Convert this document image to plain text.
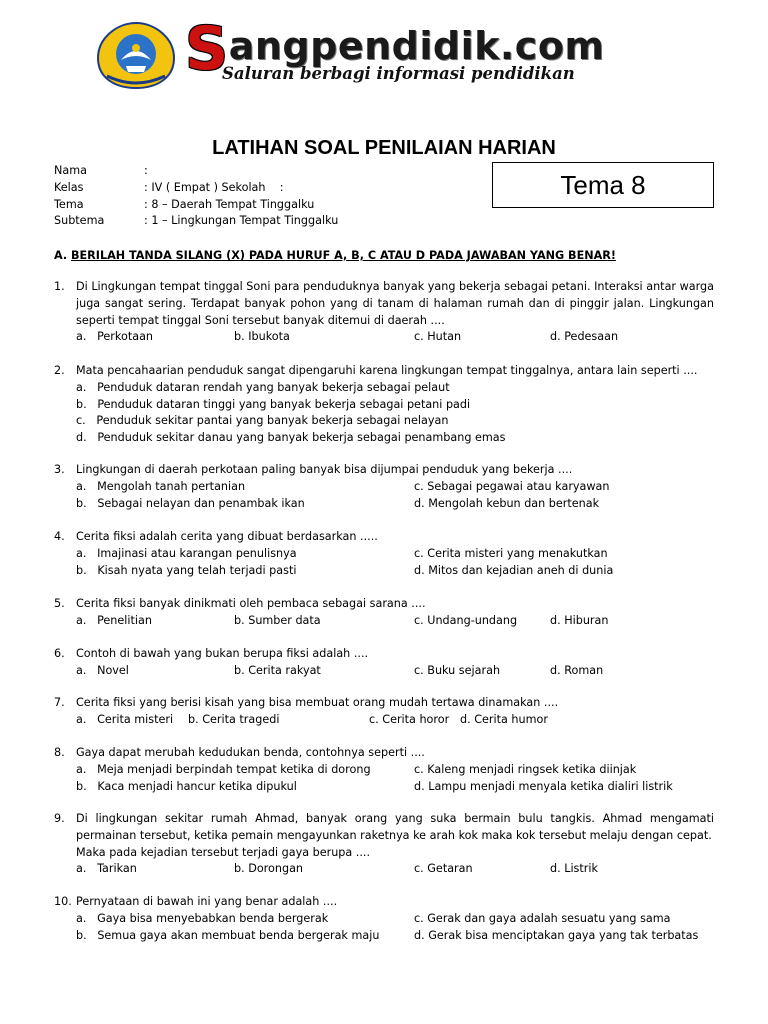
Sangpendidik.com
Saluran berbagi informasi pendidikan
LATIHAN SOAL PENILAIAN HARIAN
Tema 8
Nama	:
Kelas	: IV ( Empat ) Sekolah    :
Tema	: 8 – Daerah Tempat Tinggalku
Subtema	: 1 – Lingkungan Tempat Tinggalku
A. BERILAH TANDA SILANG (X) PADA HURUF A, B, C ATAU D PADA JAWABAN YANG BENAR!
1.	Di Lingkungan tempat tinggal Soni para penduduknya banyak yang bekerja sebagai petani. Interaksi antar warga juga sangat sering. Terdapat banyak pohon yang di tanam di halaman rumah dan di pinggir jalan. Lingkungan seperti tempat tinggal Soni tersebut banyak ditemui di daerah ....
a.   Perkotaan	b. Ibukota	c. Hutan	d. Pedesaan
2.	Mata pencahaarian penduduk sangat dipengaruhi karena lingkungan tempat tinggalnya, antara lain seperti ....
a.   Penduduk dataran rendah yang banyak bekerja sebagai pelaut
b.   Penduduk dataran tinggi yang banyak bekerja sebagai petani padi
c.   Penduduk sekitar pantai yang banyak bekerja sebagai nelayan
d.   Penduduk sekitar danau yang banyak bekerja sebagai penambang emas
3.	Lingkungan di daerah perkotaan paling banyak bisa dijumpai penduduk yang bekerja ....
a.   Mengolah tanah pertanian	c. Sebagai pegawai atau karyawan
b.   Sebagai nelayan dan penambak ikan	d. Mengolah kebun dan bertenak
4.	Cerita fiksi adalah cerita yang dibuat berdasarkan .....
a.   Imajinasi atau karangan penulisnya	c. Cerita misteri yang menakutkan
b.   Kisah nyata yang telah terjadi pasti	d. Mitos dan kejadian aneh di dunia
5.	Cerita fiksi banyak dinikmati oleh pembaca sebagai sarana ....
a.   Penelitian	b. Sumber data	c. Undang-undang	d. Hiburan
6.	Contoh di bawah yang bukan berupa fiksi adalah ....
a.   Novel	b. Cerita rakyat	c. Buku sejarah	d. Roman
7.	Cerita fiksi yang berisi kisah yang bisa membuat orang mudah tertawa dinamakan ....
a.   Cerita misteri b. Cerita tragedi	c. Cerita horor d. Cerita humor
8.	Gaya dapat merubah kedudukan benda, contohnya seperti ....
a.   Meja menjadi berpindah tempat ketika di dorong	c. Kaleng menjadi ringsek ketika diinjak
b.   Kaca menjadi hancur ketika dipukul	d. Lampu menjadi menyala ketika dialiri listrik
9.	Di lingkungan sekitar rumah Ahmad, banyak orang yang suka bermain bulu tangkis. Ahmad mengamati permainan tersebut, ketika pemain mengayunkan raketnya ke arah kok maka kok tersebut melaju dengan cepat.
Maka pada kejadian tersebut terjadi gaya berupa ....
a.   Tarikan	b. Dorongan	c. Getaran	d. Listrik
10. Pernyataan di bawah ini yang benar adalah ....
a.   Gaya bisa menyebabkan benda bergerak	c. Gerak dan gaya adalah sesuatu yang sama
b.   Semua gaya akan membuat benda bergerak maju	d. Gerak bisa menciptakan gaya yang tak terbatas
